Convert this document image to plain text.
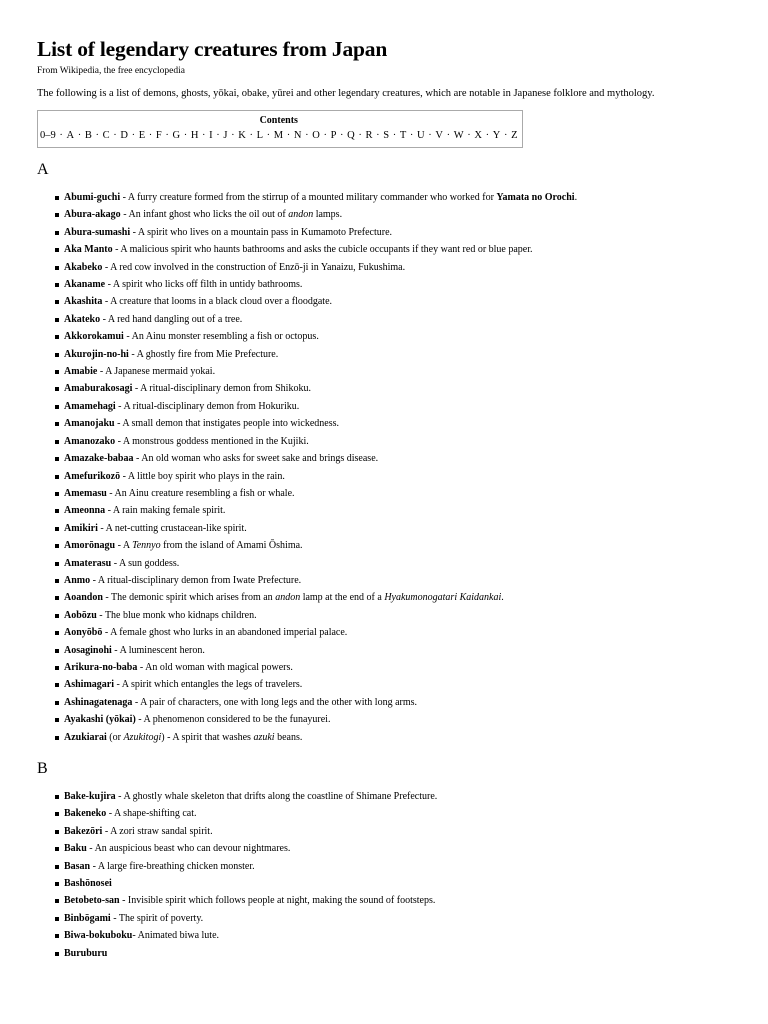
List of legendary creatures from Japan
From Wikipedia, the free encyclopedia
The following is a list of demons, ghosts, yōkai, obake, yūrei and other legendary creatures, which are notable in Japanese folklore and mythology.
Contents
0–9 · A · B · C · D · E · F · G · H · I · J · K · L · M · N · O · P · Q · R · S · T · U · V · W · X · Y · Z
A
Abumi-guchi - A furry creature formed from the stirrup of a mounted military commander who worked for Yamata no Orochi.
Abura-akago - An infant ghost who licks the oil out of andon lamps.
Abura-sumashi - A spirit who lives on a mountain pass in Kumamoto Prefecture.
Aka Manto - A malicious spirit who haunts bathrooms and asks the cubicle occupants if they want red or blue paper.
Akabeko - A red cow involved in the construction of Enzō-ji in Yanaizu, Fukushima.
Akaname - A spirit who licks off filth in untidy bathrooms.
Akashita - A creature that looms in a black cloud over a floodgate.
Akateko - A red hand dangling out of a tree.
Akkorokamui - An Ainu monster resembling a fish or octopus.
Akurojin-no-hi - A ghostly fire from Mie Prefecture.
Amabie - A Japanese mermaid yokai.
Amaburakosagi - A ritual-disciplinary demon from Shikoku.
Amamehagi - A ritual-disciplinary demon from Hokuriku.
Amanojaku - A small demon that instigates people into wickedness.
Amanozako - A monstrous goddess mentioned in the Kujiki.
Amazake-babaa - An old woman who asks for sweet sake and brings disease.
Amefurikozō - A little boy spirit who plays in the rain.
Amemasu - An Ainu creature resembling a fish or whale.
Ameonna - A rain making female spirit.
Amikiri - A net-cutting crustacean-like spirit.
Amorōnagu - A Tennyo from the island of Amami Ōshima.
Amaterasu - A sun goddess.
Anmo - A ritual-disciplinary demon from Iwate Prefecture.
Aoandon - The demonic spirit which arises from an andon lamp at the end of a Hyakumonogatari Kaidankai.
Aobōzu - The blue monk who kidnaps children.
Aonyōbō - A female ghost who lurks in an abandoned imperial palace.
Aosaginohi - A luminescent heron.
Arikura-no-baba - An old woman with magical powers.
Ashimagari - A spirit which entangles the legs of travelers.
Ashinagatenaga - A pair of characters, one with long legs and the other with long arms.
Ayakashi (yōkai) - A phenomenon considered to be the funayurei.
Azukiarai (or Azukitogi) - A spirit that washes azuki beans.
B
Bake-kujira - A ghostly whale skeleton that drifts along the coastline of Shimane Prefecture.
Bakeneko - A shape-shifting cat.
Bakezōri - A zori straw sandal spirit.
Baku - An auspicious beast who can devour nightmares.
Basan - A large fire-breathing chicken monster.
Bashōnosei
Betobeto-san - Invisible spirit which follows people at night, making the sound of footsteps.
Binbōgami - The spirit of poverty.
Biwa-bokuboku- Animated biwa lute.
Buruburu
